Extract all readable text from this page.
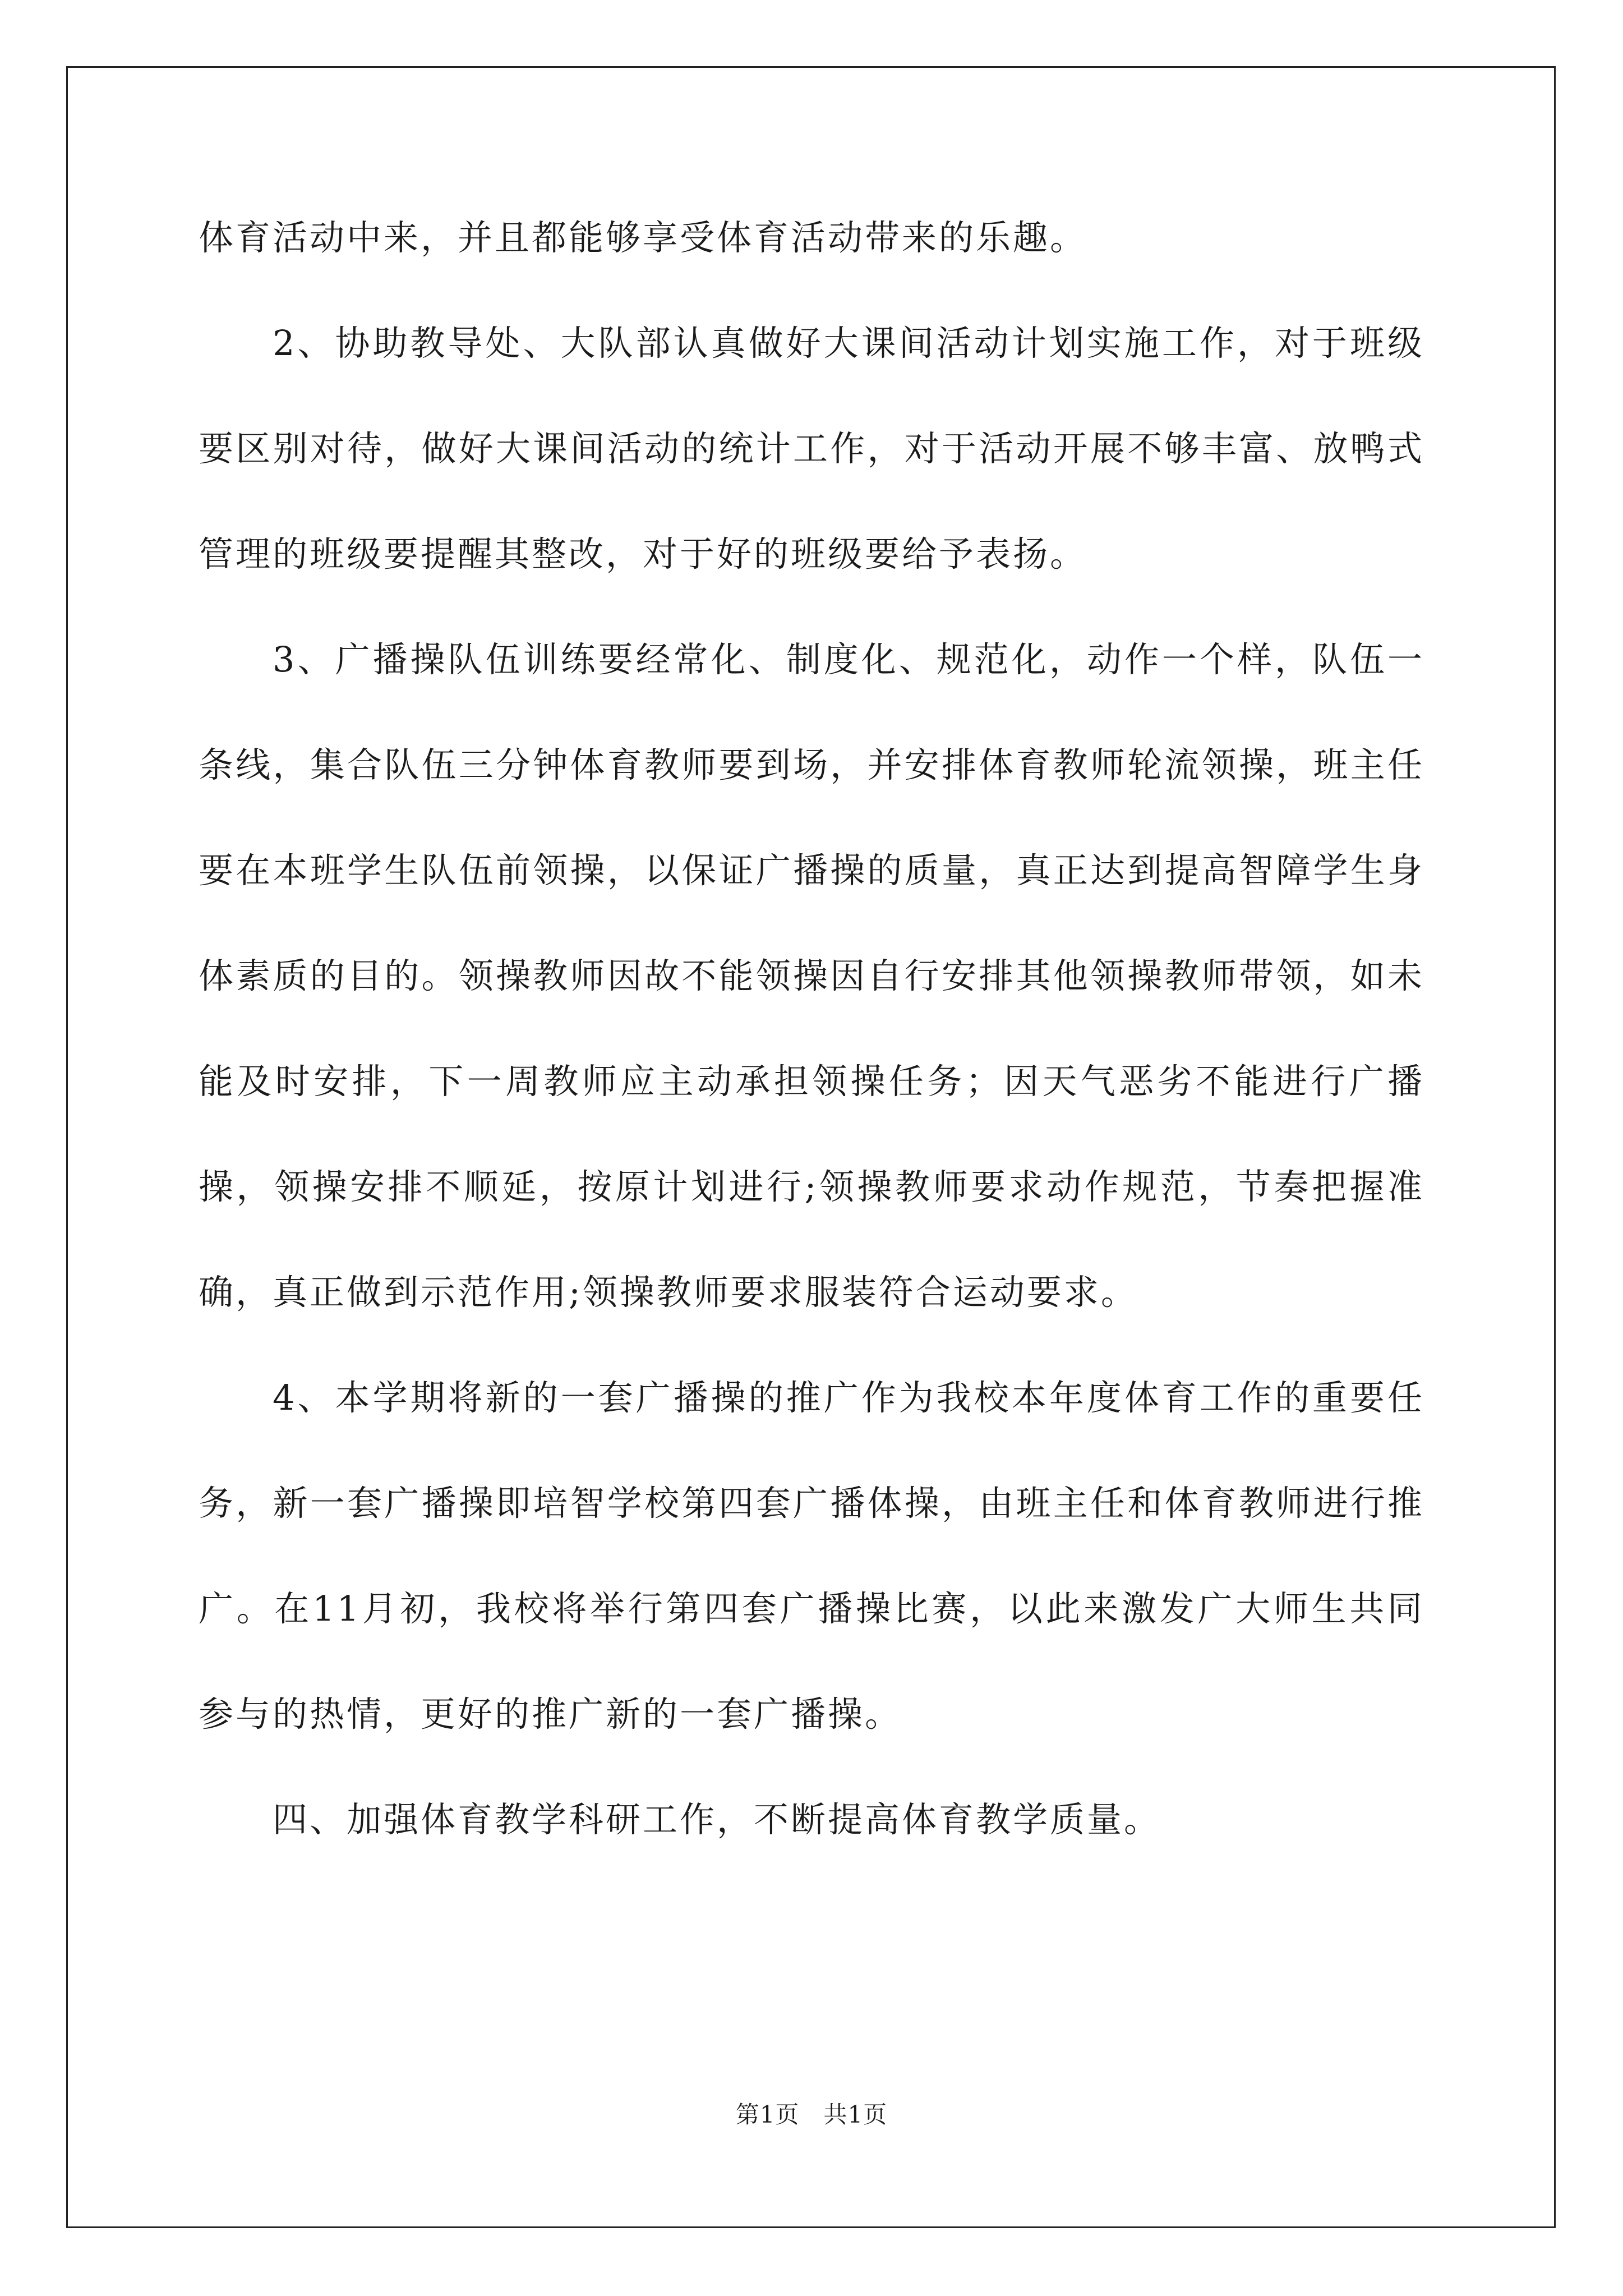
体育活动中来，并且都能够享受体育活动带来的乐趣。

2、协助教导处、大队部认真做好大课间活动计划实施工作，对于班级要区别对待，做好大课间活动的统计工作，对于活动开展不够丰富、放鸭式管理的班级要提醒其整改，对于好的班级要给予表扬。

3、广播操队伍训练要经常化、制度化、规范化，动作一个样，队伍一条线，集合队伍三分钟体育教师要到场，并安排体育教师轮流领操，班主任要在本班学生队伍前领操，以保证广播操的质量，真正达到提高智障学生身体素质的目的。领操教师因故不能领操因自行安排其他领操教师带领，如未能及时安排，下一周教师应主动承担领操任务；因天气恶劣不能进行广播操，领操安排不顺延，按原计划进行;领操教师要求动作规范，节奏把握准确，真正做到示范作用;领操教师要求服装符合运动要求。

4、本学期将新的一套广播操的推广作为我校本年度体育工作的重要任务，新一套广播操即培智学校第四套广播体操，由班主任和体育教师进行推广。在11月初，我校将举行第四套广播操比赛，以此来激发广大师生共同参与的热情，更好的推广新的一套广播操。

四、加强体育教学科研工作，不断提高体育教学质量。

第1页 共1页
